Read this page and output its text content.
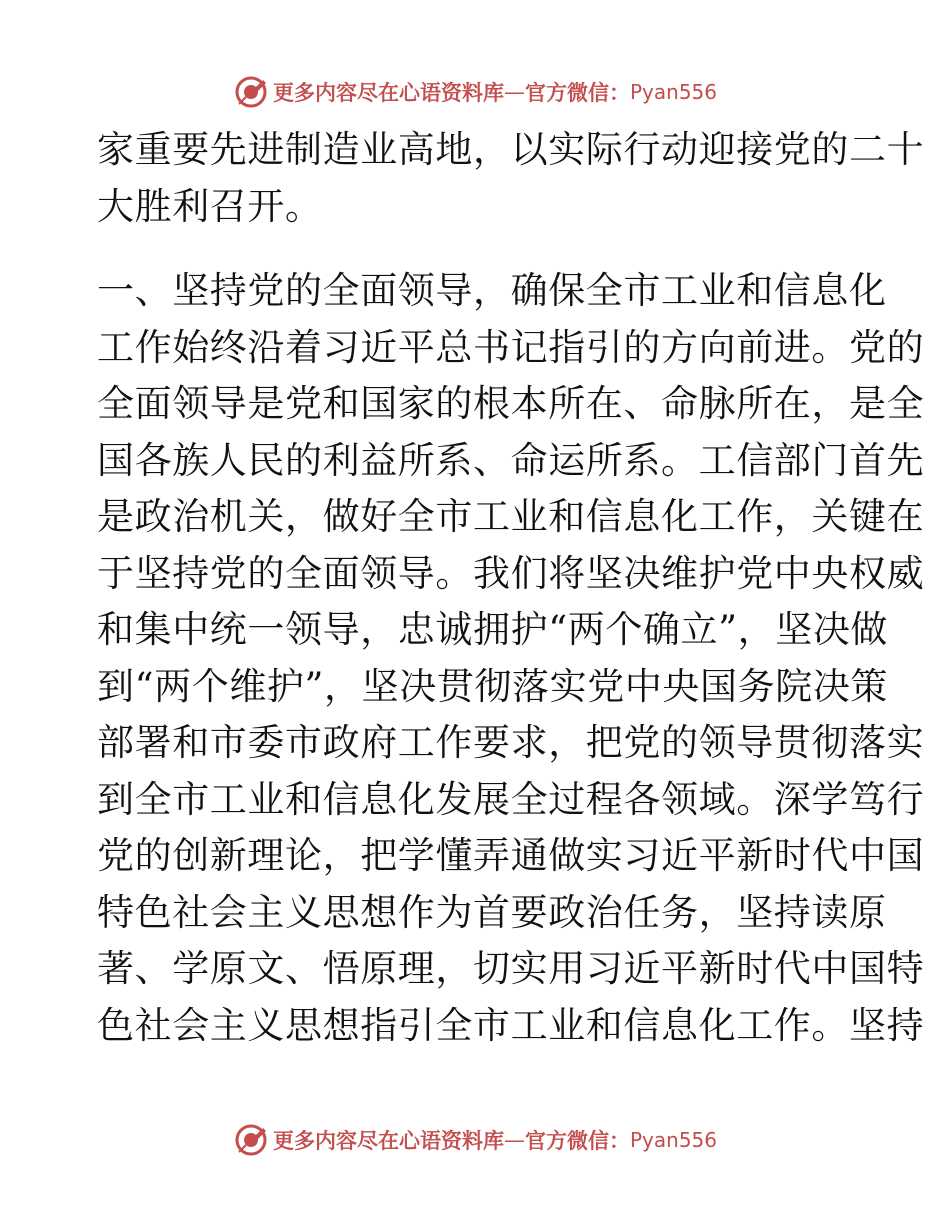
更多内容尽在心语资料库 — 官方微信： Pyan556
家重要先进制造业高地，以实际行动迎接党的二十
大胜利召开。
一、坚持党的全面领导，确保全市工业和信息化
工作始终沿着习近平总书记指引的方向前进。党的
全面领导是党和国家的根本所在、命脉所在，是全
国各族人民的利益所系、命运所系。工信部门首先
是政治机关，做好全市工业和信息化工作，关键在
于坚持党的全面领导。我们将坚决维护党中央权威
和集中统一领导，忠诚拥护“两个确立”，坚决做
到“两个维护”，坚决贯彻落实党中央国务院决策
部署和市委市政府工作要求，把党的领导贯彻落实
到全市工业和信息化发展全过程各领域。深学笃行
党的创新理论，把学懂弄通做实习近平新时代中国
特色社会主义思想作为首要政治任务，坚持读原
著、学原文、悟原理，切实用习近平新时代中国特
色社会主义思想指引全市工业和信息化工作。坚持
更多内容尽在心语资料库 — 官方微信： Pyan556
